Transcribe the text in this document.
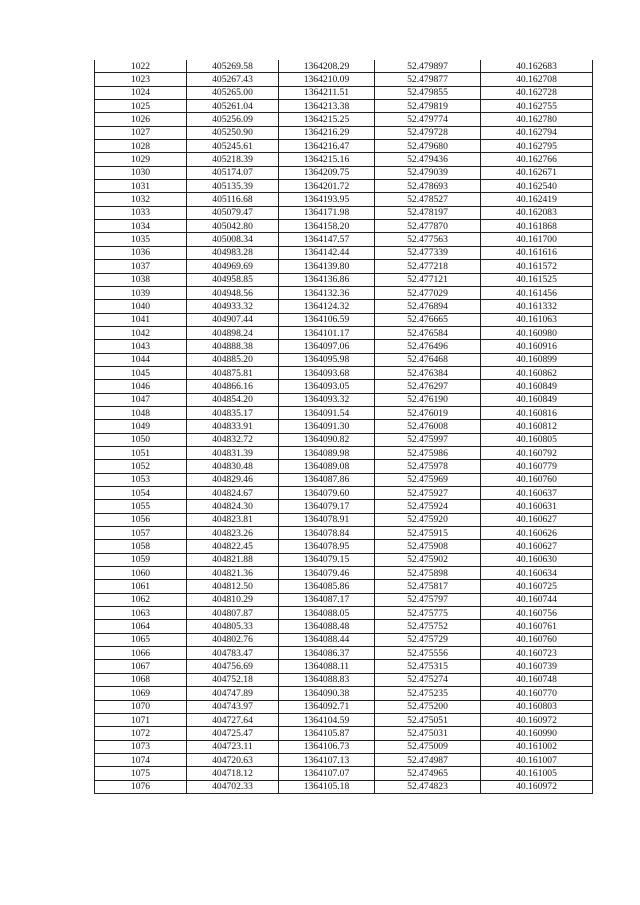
1022	405269.58	1364208.29	52.479897	40.162683
1023	405267.43	1364210.09	52.479877	40.162708
1024	405265.00	1364211.51	52.479855	40.162728
1025	405261.04	1364213.38	52.479819	40.162755
1026	405256.09	1364215.25	52.479774	40.162780
1027	405250.90	1364216.29	52.479728	40.162794
1028	405245.61	1364216.47	52.479680	40.162795
1029	405218.39	1364215.16	52.479436	40.162766
1030	405174.07	1364209.75	52.479039	40.162671
1031	405135.39	1364201.72	52.478693	40.162540
1032	405116.68	1364193.95	52.478527	40.162419
1033	405079.47	1364171.98	52.478197	40.162083
1034	405042.80	1364158.20	52.477870	40.161868
1035	405008.34	1364147.57	52.477563	40.161700
1036	404983.28	1364142.44	52.477339	40.161616
1037	404969.69	1364139.80	52.477218	40.161572
1038	404958.85	1364136.86	52.477121	40.161525
1039	404948.56	1364132.36	52.477029	40.161456
1040	404933.32	1364124.32	52.476894	40.161332
1041	404907.44	1364106.59	52.476665	40.161063
1042	404898.24	1364101.17	52.476584	40.160980
1043	404888.38	1364097.06	52.476496	40.160916
1044	404885.20	1364095.98	52.476468	40.160899
1045	404875.81	1364093.68	52.476384	40.160862
1046	404866.16	1364093.05	52.476297	40.160849
1047	404854.20	1364093.32	52.476190	40.160849
1048	404835.17	1364091.54	52.476019	40.160816
1049	404833.91	1364091.30	52.476008	40.160812
1050	404832.72	1364090.82	52.475997	40.160805
1051	404831.39	1364089.98	52.475986	40.160792
1052	404830.48	1364089.08	52.475978	40.160779
1053	404829.46	1364087.86	52.475969	40.160760
1054	404824.67	1364079.60	52.475927	40.160637
1055	404824.30	1364079.17	52.475924	40.160631
1056	404823.81	1364078.91	52.475920	40.160627
1057	404823.26	1364078.84	52.475915	40.160626
1058	404822.45	1364078.95	52.475908	40.160627
1059	404821.88	1364079.15	52.475902	40.160630
1060	404821.36	1364079.46	52.475898	40.160634
1061	404812.50	1364085.86	52.475817	40.160725
1062	404810.29	1364087.17	52.475797	40.160744
1063	404807.87	1364088.05	52.475775	40.160756
1064	404805.33	1364088.48	52.475752	40.160761
1065	404802.76	1364088.44	52.475729	40.160760
1066	404783.47	1364086.37	52.475556	40.160723
1067	404756.69	1364088.11	52.475315	40.160739
1068	404752.18	1364088.83	52.475274	40.160748
1069	404747.89	1364090.38	52.475235	40.160770
1070	404743.97	1364092.71	52.475200	40.160803
1071	404727.64	1364104.59	52.475051	40.160972
1072	404725.47	1364105.87	52.475031	40.160990
1073	404723.11	1364106.73	52.475009	40.161002
1074	404720.63	1364107.13	52.474987	40.161007
1075	404718.12	1364107.07	52.474965	40.161005
1076	404702.33	1364105.18	52.474823	40.160972
